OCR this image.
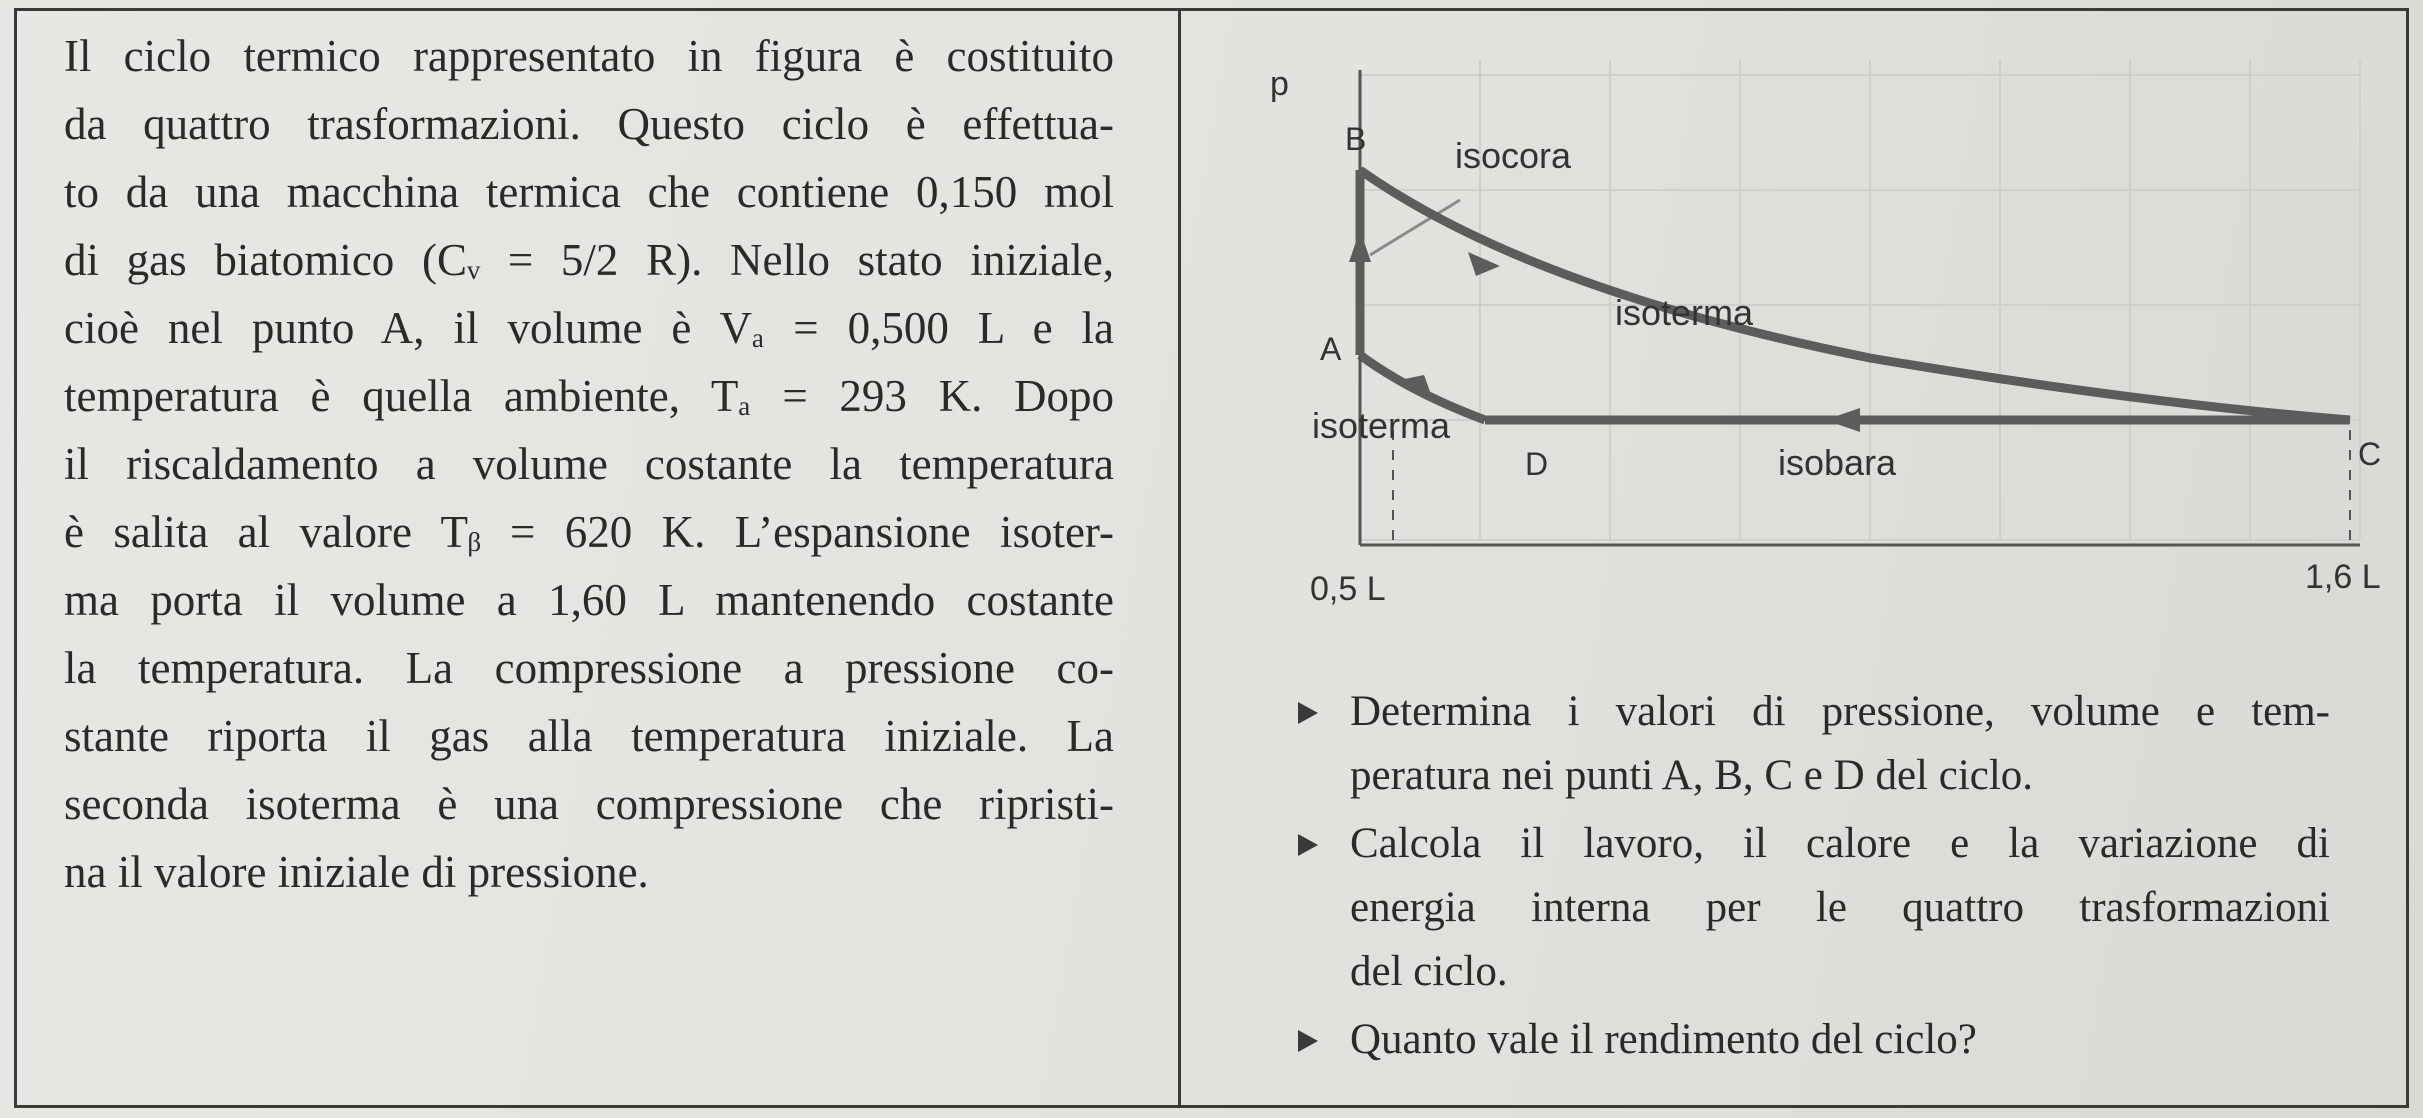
Il ciclo termico rappresentato in figura è costituito
da quattro trasformazioni. Questo ciclo è effettua-
to da una macchina termica che contiene 0,150 mol
di gas biatomico (Cᵥ = 5/2 R). Nello stato iniziale,
cioè nel punto A, il volume è Vₐ = 0,500 L e la
temperatura è quella ambiente, Tₐ = 293 K. Dopo
il riscaldamento a volume costante la temperatura
è salita al valore Tᵦ = 620 K. L’espansione isoter-
ma porta il volume a 1,60 L mantenendo costante
la temperatura. La compressione a pressione co-
stante riporta il gas alla temperatura iniziale. La
seconda isoterma è una compressione che ripristi-
na il valore iniziale di pressione.
p
B isocora
isoterma
A
isoterma
D	isobara	C
0,5 L	1,6 L
Determina i valori di pressione, volume e tem-
peratura nei punti A, B, C e D del ciclo.
Calcola il lavoro, il calore e la variazione di
energia interna per le quattro trasformazioni
del ciclo.
Quanto vale il rendimento del ciclo?
